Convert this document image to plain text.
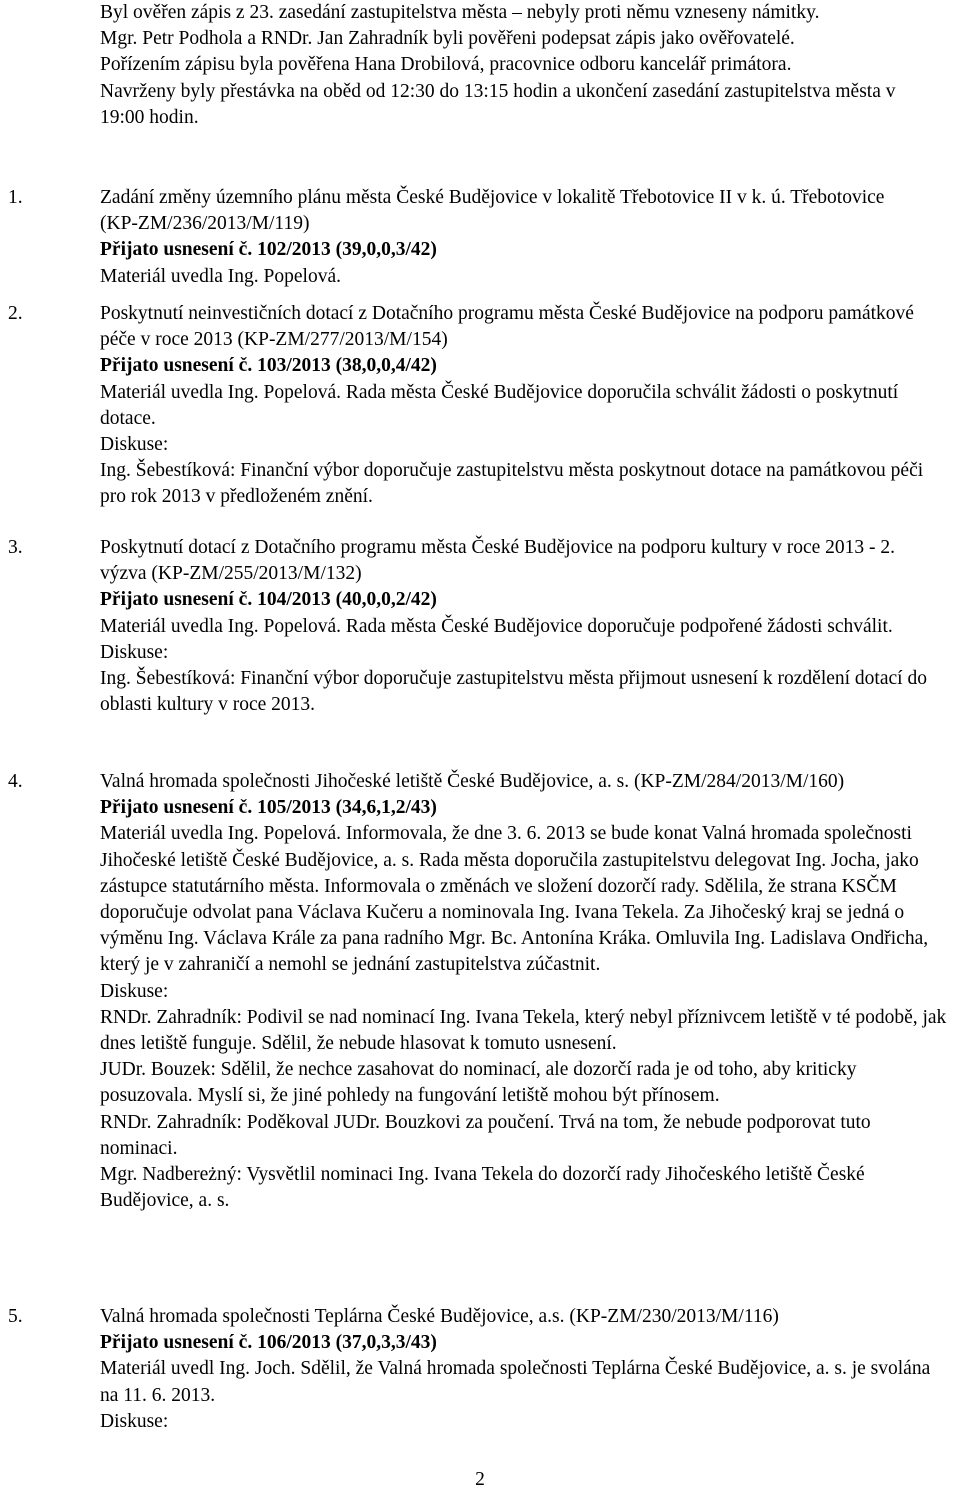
Byl ověřen zápis z 23. zasedání zastupitelstva města – nebyly proti němu vzneseny námitky.

Mgr. Petr Podhola a RNDr. Jan Zahradník byli pověřeni podepsat zápis jako ověřovatelé.

Pořízením zápisu byla pověřena Hana Drobilová, pracovnice odboru kancelář primátora.

Navrženy byly přestávka na oběd od 12:30 do 13:15 hodin a ukončení zasedání zastupitelstva města v 19:00 hodin.

1.	Zadání změny územního plánu města České Budějovice v lokalitě Třebotovice II v k. ú. Třebotovice (KP-ZM/236/2013/M/119)

Přijato usnesení č. 102/2013 (39,0,0,3/42)

Materiál uvedla Ing. Popelová.

2.	Poskytnutí neinvestičních dotací z Dotačního programu města České Budějovice na podporu památkové péče v roce 2013 (KP-ZM/277/2013/M/154)

Přijato usnesení č. 103/2013 (38,0,0,4/42)

Materiál uvedla Ing. Popelová. Rada města České Budějovice doporučila schválit žádosti o poskytnutí dotace.

Diskuse:

Ing. Šebestíková: Finanční výbor doporučuje zastupitelstvu města poskytnout dotace na památkovou péči pro rok 2013 v předloženém znění.

3.	Poskytnutí dotací z Dotačního programu města České Budějovice na podporu kultury v roce 2013 - 2. výzva (KP-ZM/255/2013/M/132)

Přijato usnesení č. 104/2013 (40,0,0,2/42)

Materiál uvedla Ing. Popelová. Rada města České Budějovice doporučuje podpořené žádosti schválit.

Diskuse:

Ing. Šebestíková: Finanční výbor doporučuje zastupitelstvu města přijmout usnesení k rozdělení dotací do oblasti kultury v roce 2013.

4.	Valná hromada společnosti Jihočeské letiště České Budějovice, a. s. (KP-ZM/284/2013/M/160)

Přijato usnesení č. 105/2013 (34,6,1,2/43)

Materiál uvedla Ing. Popelová. Informovala, že dne 3. 6. 2013 se bude konat Valná hromada společnosti Jihočeské letiště České Budějovice, a. s. Rada města doporučila zastupitelstvu delegovat Ing. Jocha, jako zástupce statutárního města. Informovala o změnách ve složení dozorčí rady. Sdělila, že strana KSČM doporučuje odvolat pana Václava Kučeru a nominovala Ing. Ivana Tekela. Za Jihočeský kraj se jedná o výměnu Ing. Václava Krále za pana radního Mgr. Bc. Antonína Kráka. Omluvila Ing. Ladislava Ondřicha, který je v zahraničí a nemohl se jednání zastupitelstva zúčastnit.

Diskuse:

RNDr. Zahradník: Podivil se nad nominací Ing. Ivana Tekela, který nebyl příznivcem letiště v té podobě, jak dnes letiště funguje. Sdělil, že nebude hlasovat k tomuto usnesení.

JUDr. Bouzek: Sdělil, že nechce zasahovat do nominací, ale dozorčí rada je od toho, aby kriticky posuzovala. Myslí si, že jiné pohledy na fungování letiště mohou být přínosem.

RNDr. Zahradník: Poděkoval JUDr. Bouzkovi za poučení. Trvá na tom, že nebude podporovat tuto nominaci.

Mgr. Nadbereżný: Vysvětlil nominaci Ing. Ivana Tekela do dozorčí rady Jihočeského letiště České Budějovice, a. s.

5.	Valná hromada společnosti Teplárna České Budějovice, a.s. (KP-ZM/230/2013/M/116)

Přijato usnesení č. 106/2013 (37,0,3,3/43)

Materiál uvedl Ing. Joch. Sdělil, že Valná hromada společnosti Teplárna České Budějovice, a. s. je svolána na 11. 6. 2013.

Diskuse:

2
